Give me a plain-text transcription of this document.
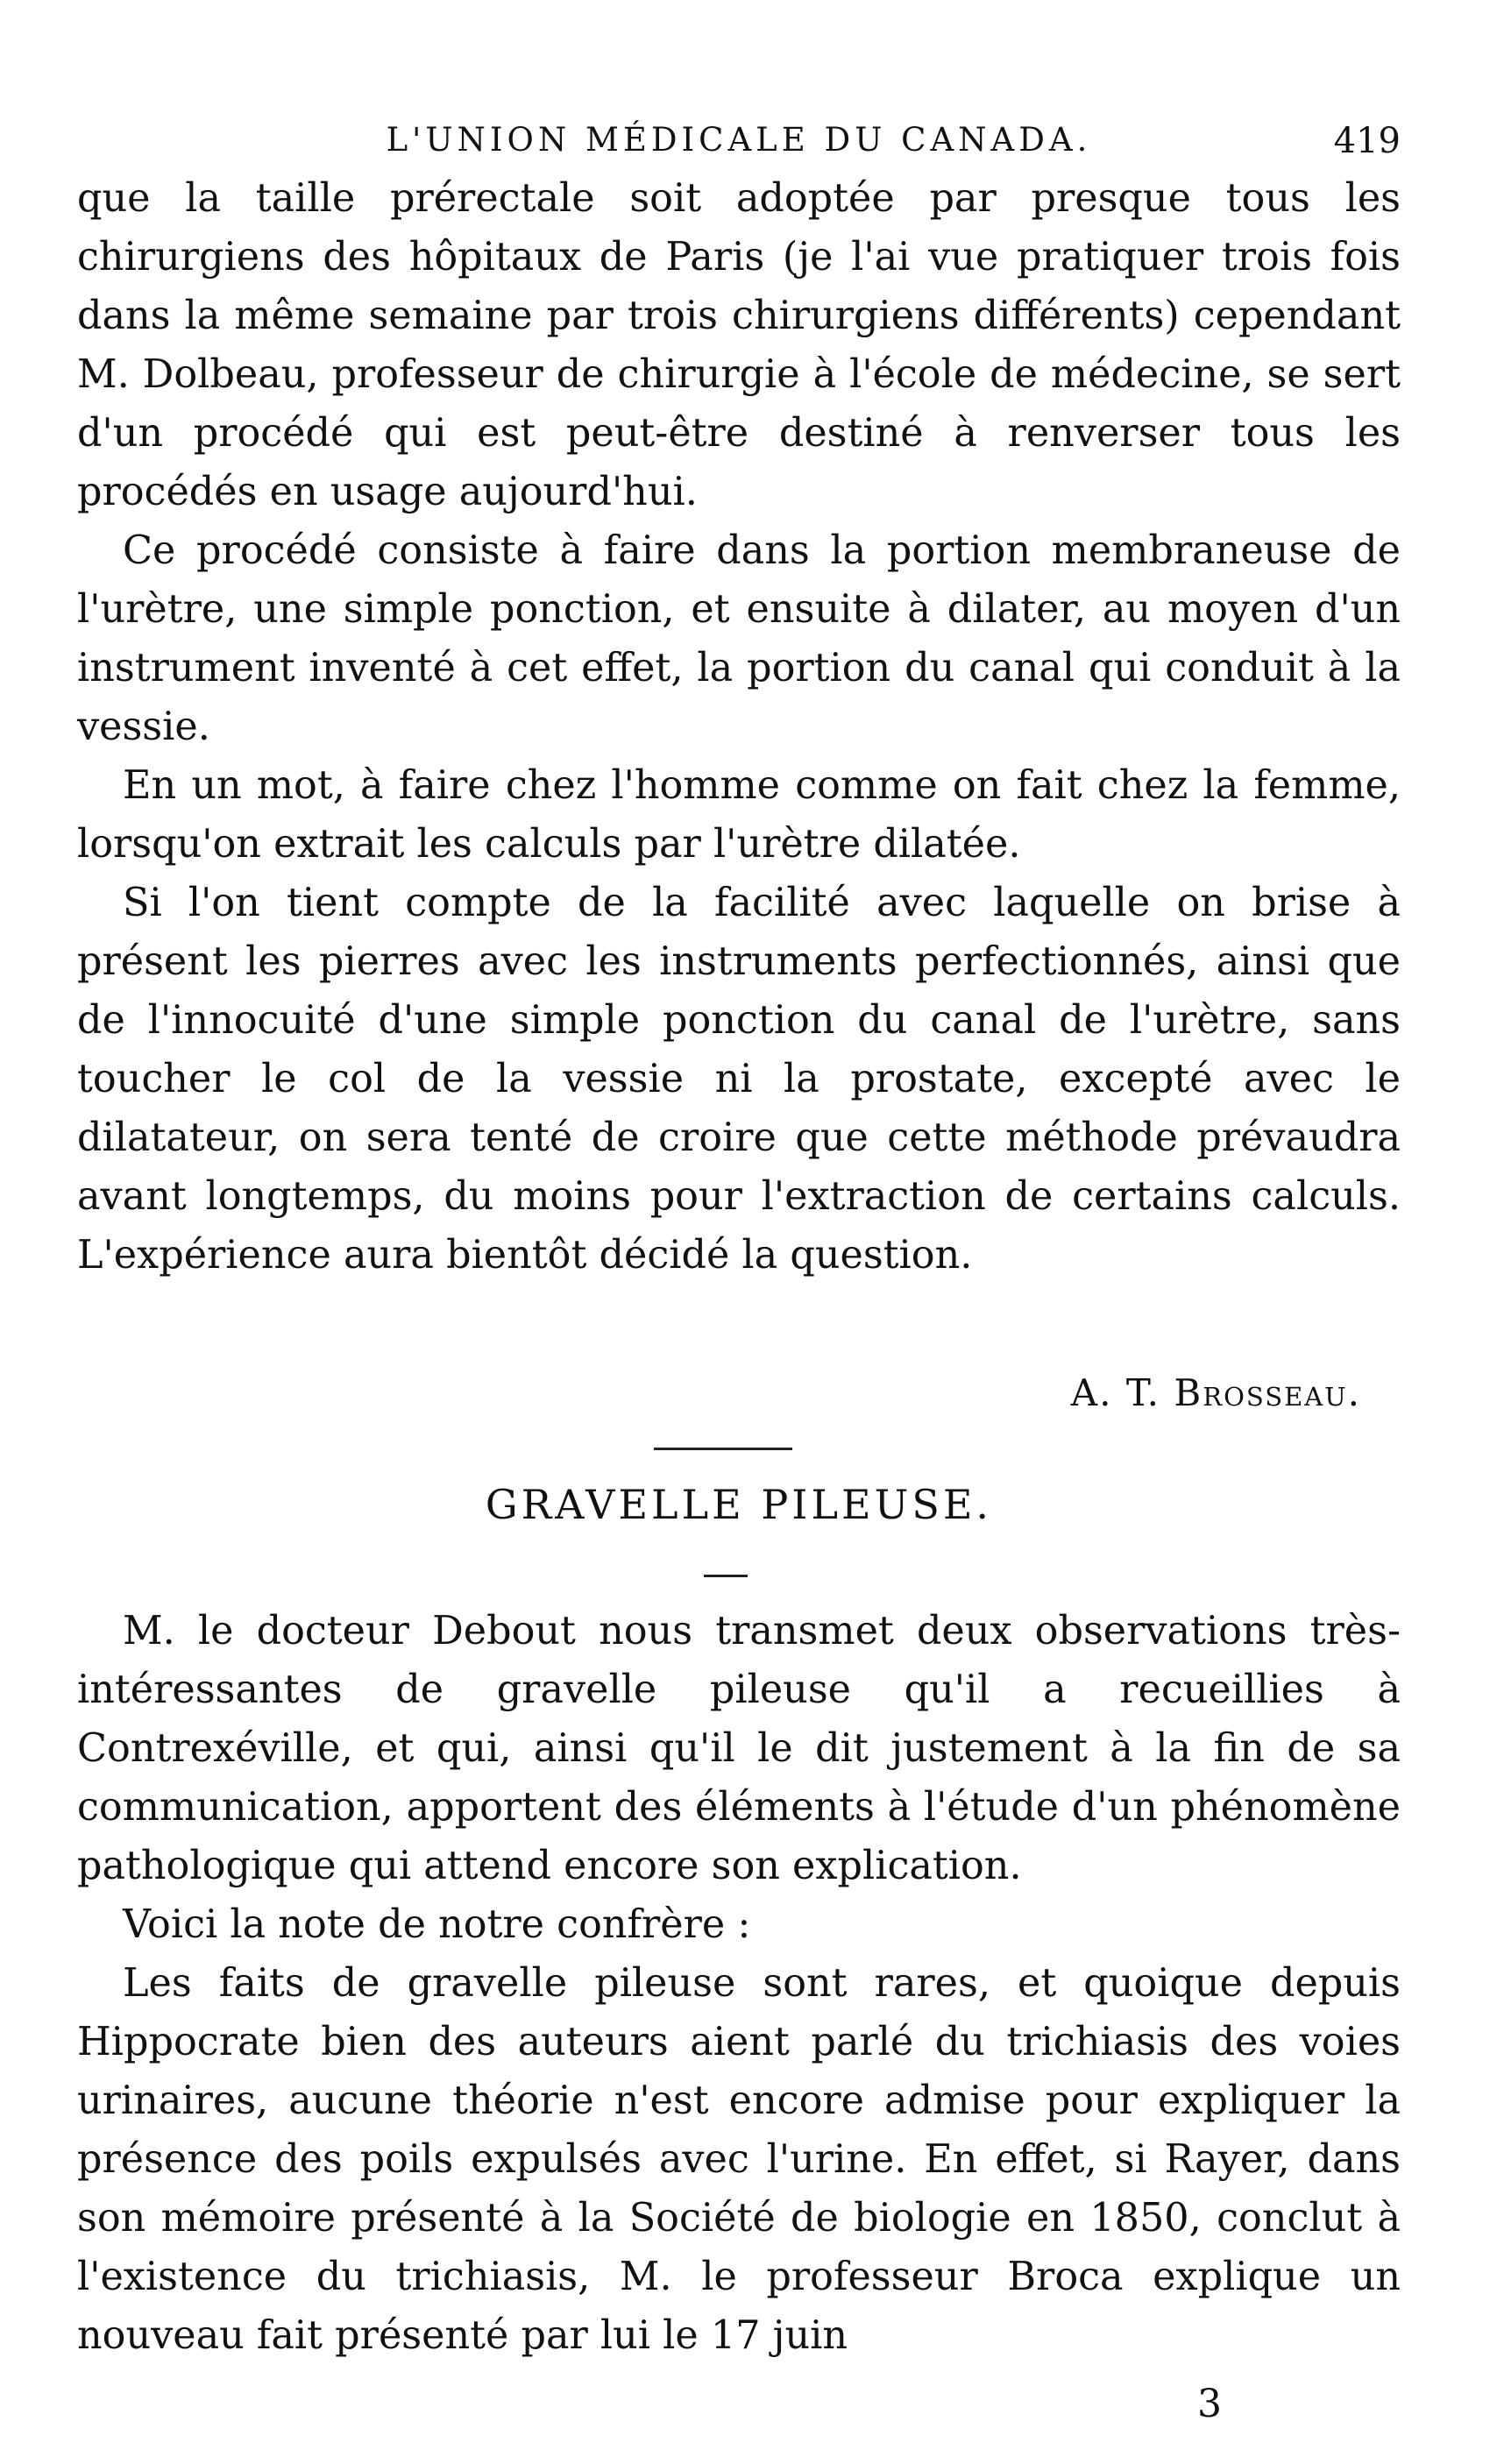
L'UNION MÉDICALE DU CANADA.	419

que la taille prérectale soit adoptée par presque tous les chirurgiens des hôpitaux de Paris (je l'ai vue pratiquer trois fois dans la même semaine par trois chirurgiens différents) cependant M. Dolbeau, professeur de chirurgie à l'école de médecine, se sert d'un procédé qui est peut-être destiné à renverser tous les procédés en usage aujourd'hui.

Ce procédé consiste à faire dans la portion membraneuse de l'urètre, une simple ponction, et ensuite à dilater, au moyen d'un instrument inventé à cet effet, la portion du canal qui conduit à la vessie.

En un mot, à faire chez l'homme comme on fait chez la femme, lorsqu'on extrait les calculs par l'urètre dilatée.

Si l'on tient compte de la facilité avec laquelle on brise à présent les pierres avec les instruments perfectionnés, ainsi que de l'innocuité d'une simple ponction du canal de l'urètre, sans toucher le col de la vessie ni la prostate, excepté avec le dilatateur, on sera tenté de croire que cette méthode prévaudra avant longtemps, du moins pour l'extraction de certains calculs. L'expérience aura bientôt décidé la question.

A. T. Brosseau.
GRAVELLE PILEUSE.

M. le docteur Debout nous transmet deux observations très-intéressantes de gravelle pileuse qu'il a recueillies à Contrexéville, et qui, ainsi qu'il le dit justement à la fin de sa communication, apportent des éléments à l'étude d'un phénomène pathologique qui attend encore son explication.

Voici la note de notre confrère :

Les faits de gravelle pileuse sont rares, et quoique depuis Hippocrate bien des auteurs aient parlé du trichiasis des voies urinaires, aucune théorie n'est encore admise pour expliquer la présence des poils expulsés avec l'urine. En effet, si Rayer, dans son mémoire présenté à la Société de biologie en 1850, conclut à l'existence du trichiasis, M. le professeur Broca explique un nouveau fait présenté par lui le 17 juin

3
